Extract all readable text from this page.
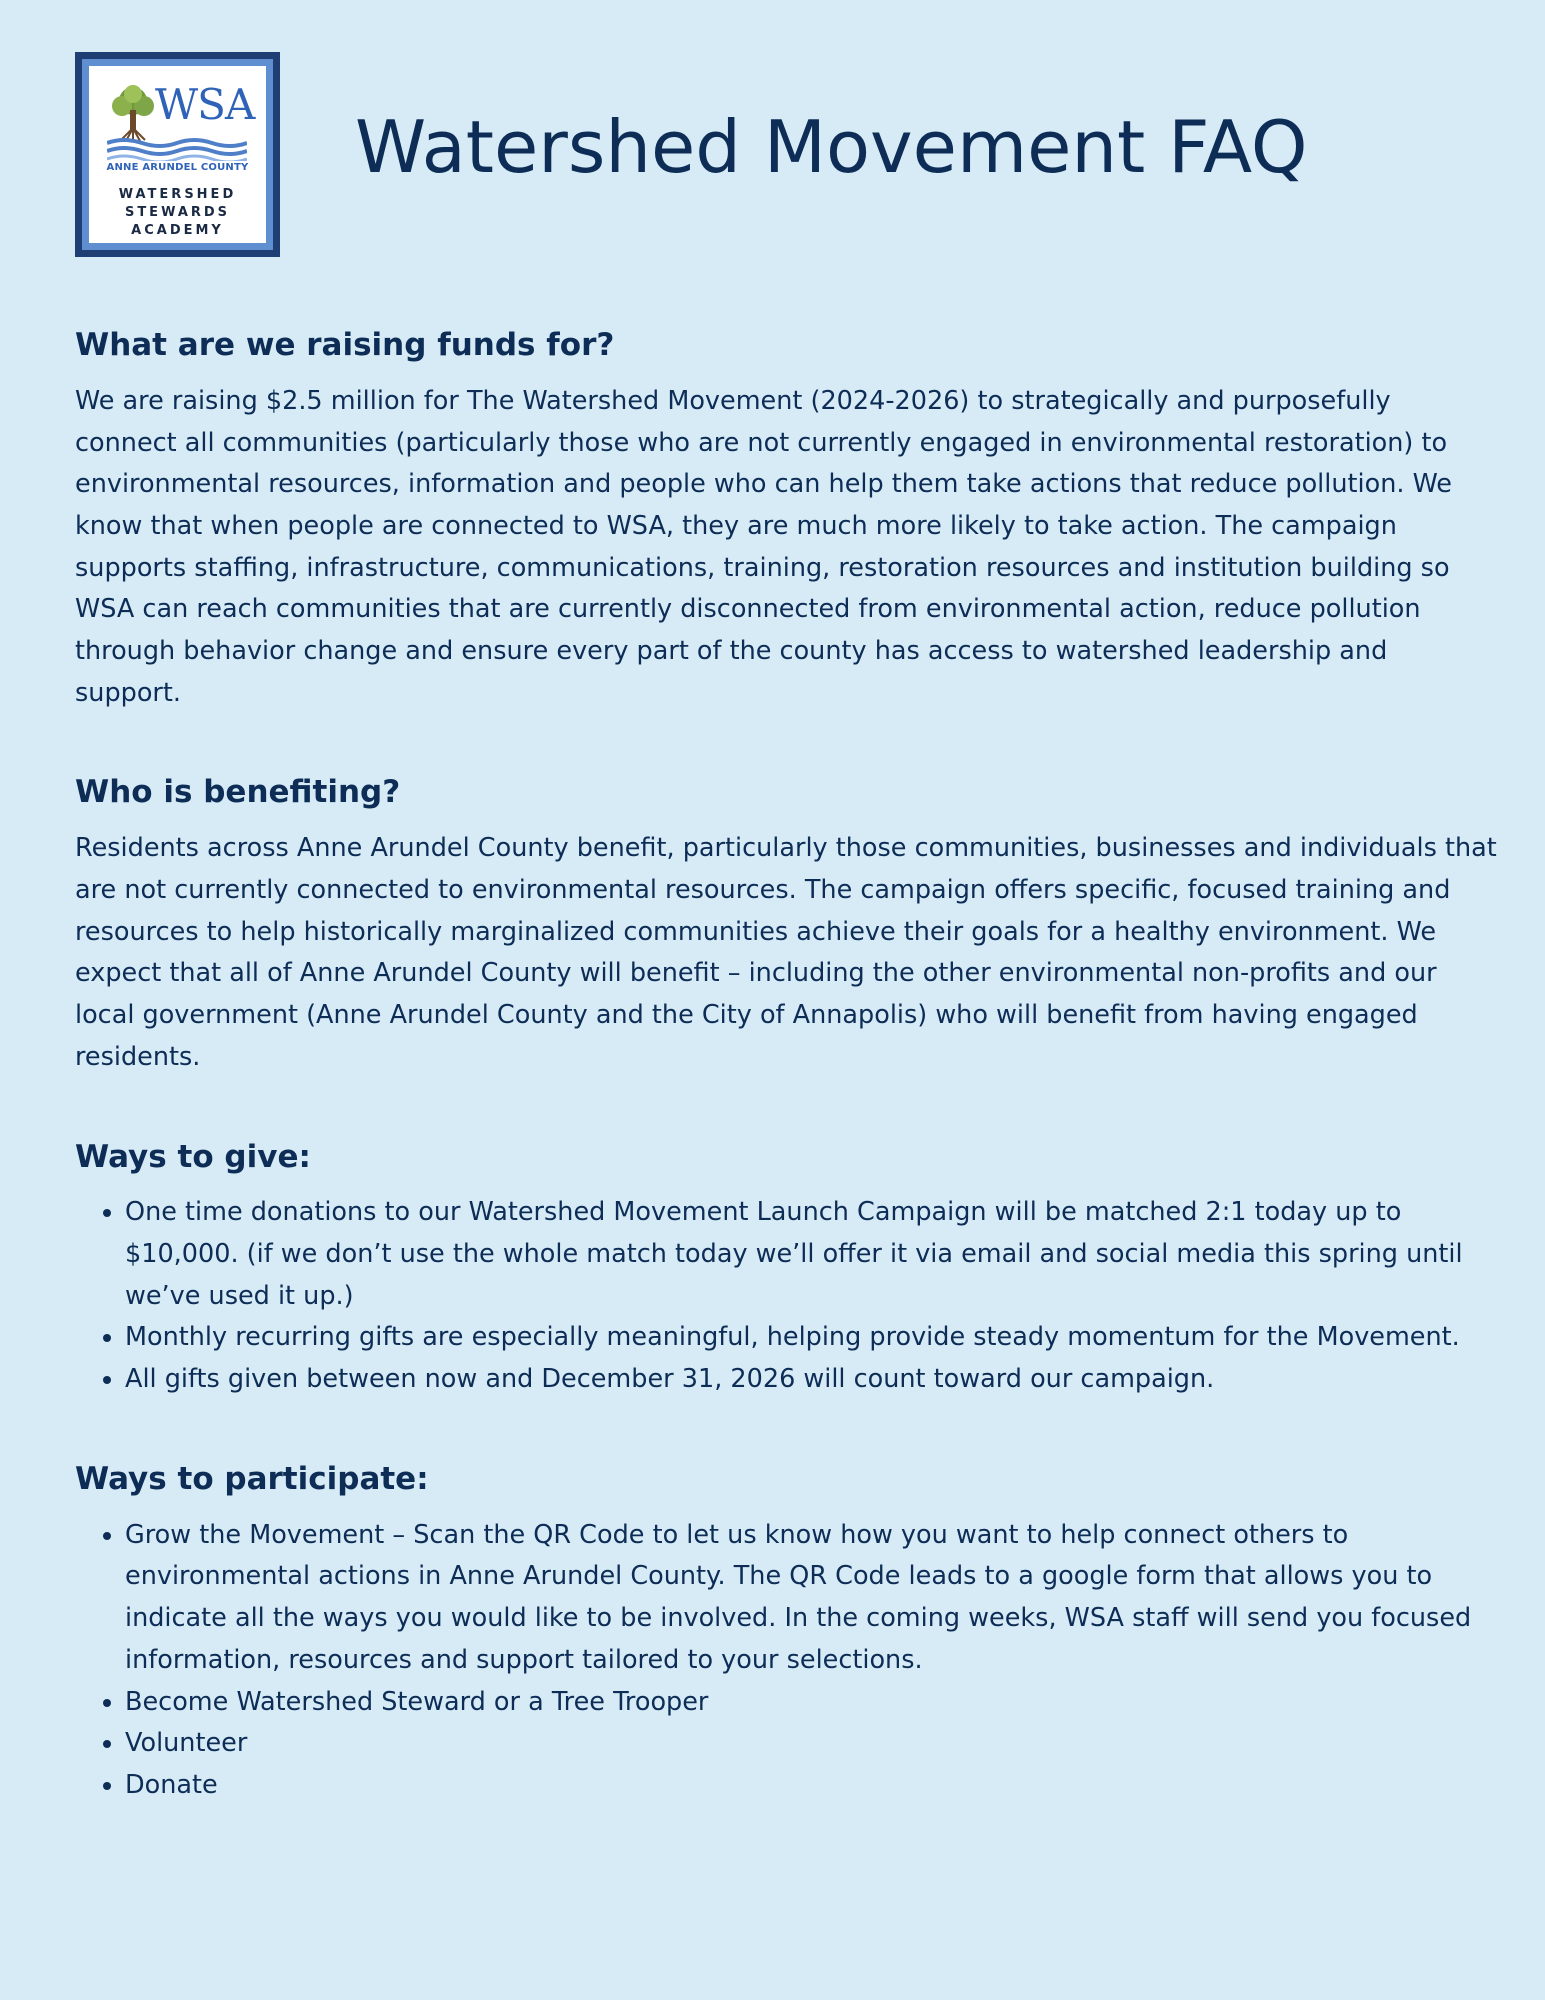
WSA
ANNE ARUNDEL COUNTY
WATERSHED
STEWARDS
ACADEMY
Watershed Movement FAQ
What are we raising funds for?

We are raising $2.5 million for The Watershed Movement (2024-2026) to strategically and purposefully connect all communities (particularly those who are not currently engaged in environmental restoration) to environmental resources, information and people who can help them take actions that reduce pollution. We know that when people are connected to WSA, they are much more likely to take action. The campaign supports staffing, infrastructure, communications, training, restoration resources and institution building so WSA can reach communities that are currently disconnected from environmental action, reduce pollution through behavior change and ensure every part of the county has access to watershed leadership and support.

Who is benefiting?

Residents across Anne Arundel County benefit, particularly those communities, businesses and individuals that are not currently connected to environmental resources. The campaign offers specific, focused training and resources to help historically marginalized communities achieve their goals for a healthy environment. We expect that all of Anne Arundel County will benefit – including the other environmental non-profits and our local government (Anne Arundel County and the City of Annapolis) who will benefit from having engaged residents.

Ways to give:
• One time donations to our Watershed Movement Launch Campaign will be matched 2:1 today up to $10,000. (if we don’t use the whole match today we’ll offer it via email and social media this spring until we’ve used it up.)
• Monthly recurring gifts are especially meaningful, helping provide steady momentum for the Movement.
• All gifts given between now and December 31, 2026 will count toward our campaign.
Ways to participate:
• Grow the Movement – Scan the QR Code to let us know how you want to help connect others to environmental actions in Anne Arundel County. The QR Code leads to a google form that allows you to indicate all the ways you would like to be involved. In the coming weeks, WSA staff will send you focused information, resources and support tailored to your selections.
• Become Watershed Steward or a Tree Trooper
• Volunteer
• Donate
